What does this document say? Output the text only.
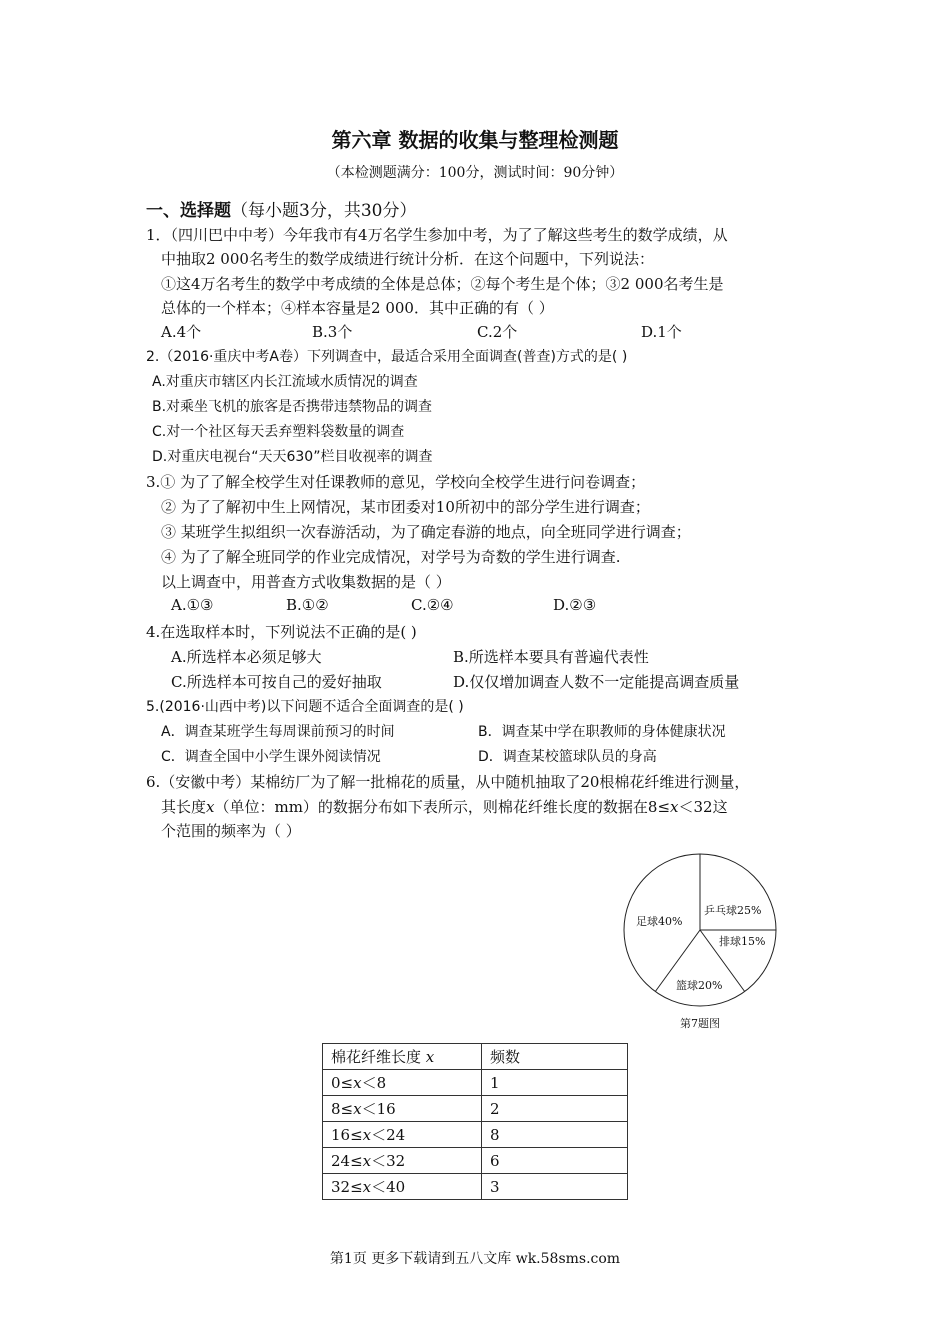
第六章 数据的收集与整理检测题
（本检测题满分：100分，测试时间：90分钟）
一、选择题（每小题3分，共30分）
1．（四川巴中中考）今年我市有4万名学生参加中考，为了了解这些考生的数学成绩，从
中抽取2 000名考生的数学成绩进行统计分析．在这个问题中，下列说法：
①这4万名考生的数学中考成绩的全体是总体；②每个考生是个体；③2 000名考生是
总体的一个样本；④样本容量是2 000．其中正确的有（ ）
A.4个	B.3个	C.2个	D.1个
2.（2016·重庆中考A卷）下列调查中，最适合采用全面调查(普查)方式的是( )
A.对重庆市辖区内长江流域水质情况的调查
B.对乘坐飞机的旅客是否携带违禁物品的调查
C.对一个社区每天丢弃塑料袋数量的调查
D.对重庆电视台“天天630”栏目收视率的调查
3.① 为了了解全校学生对任课教师的意见，学校向全校学生进行问卷调查；
② 为了了解初中生上网情况，某市团委对10所初中的部分学生进行调查；
③ 某班学生拟组织一次春游活动，为了确定春游的地点，向全班同学进行调查；
④ 为了了解全班同学的作业完成情况，对学号为奇数的学生进行调查.
以上调查中，用普查方式收集数据的是（ ）
A.①③	B.①②	C.②④	D.②③
4.在选取样本时，下列说法不正确的是( )
A.所选样本必须足够大	B.所选样本要具有普遍代表性
C.所选样本可按自己的爱好抽取	D.仅仅增加调查人数不一定能提高调查质量
5.(2016·山西中考)以下问题不适合全面调查的是( )
A．调查某班学生每周课前预习的时间	B．调查某中学在职教师的身体健康状况
C．调查全国中小学生课外阅读情况	D．调查某校篮球队员的身高
6.（安徽中考）某棉纺厂为了解一批棉花的质量，从中随机抽取了20根棉花纤维进行测量，
其长度x（单位：mm）的数据分布如下表所示，则棉花纤维长度的数据在8≤x＜32这
个范围的频率为（ ）
乒乓球25%
排球15%
篮球20%
足球40%
第7题图
棉花纤维长度 x	频数
0≤x＜8	1
8≤x＜16	2
16≤x＜24	8
24≤x＜32	6
32≤x＜40	3
第1页 更多下载请到五八文库 wk.58sms.com
